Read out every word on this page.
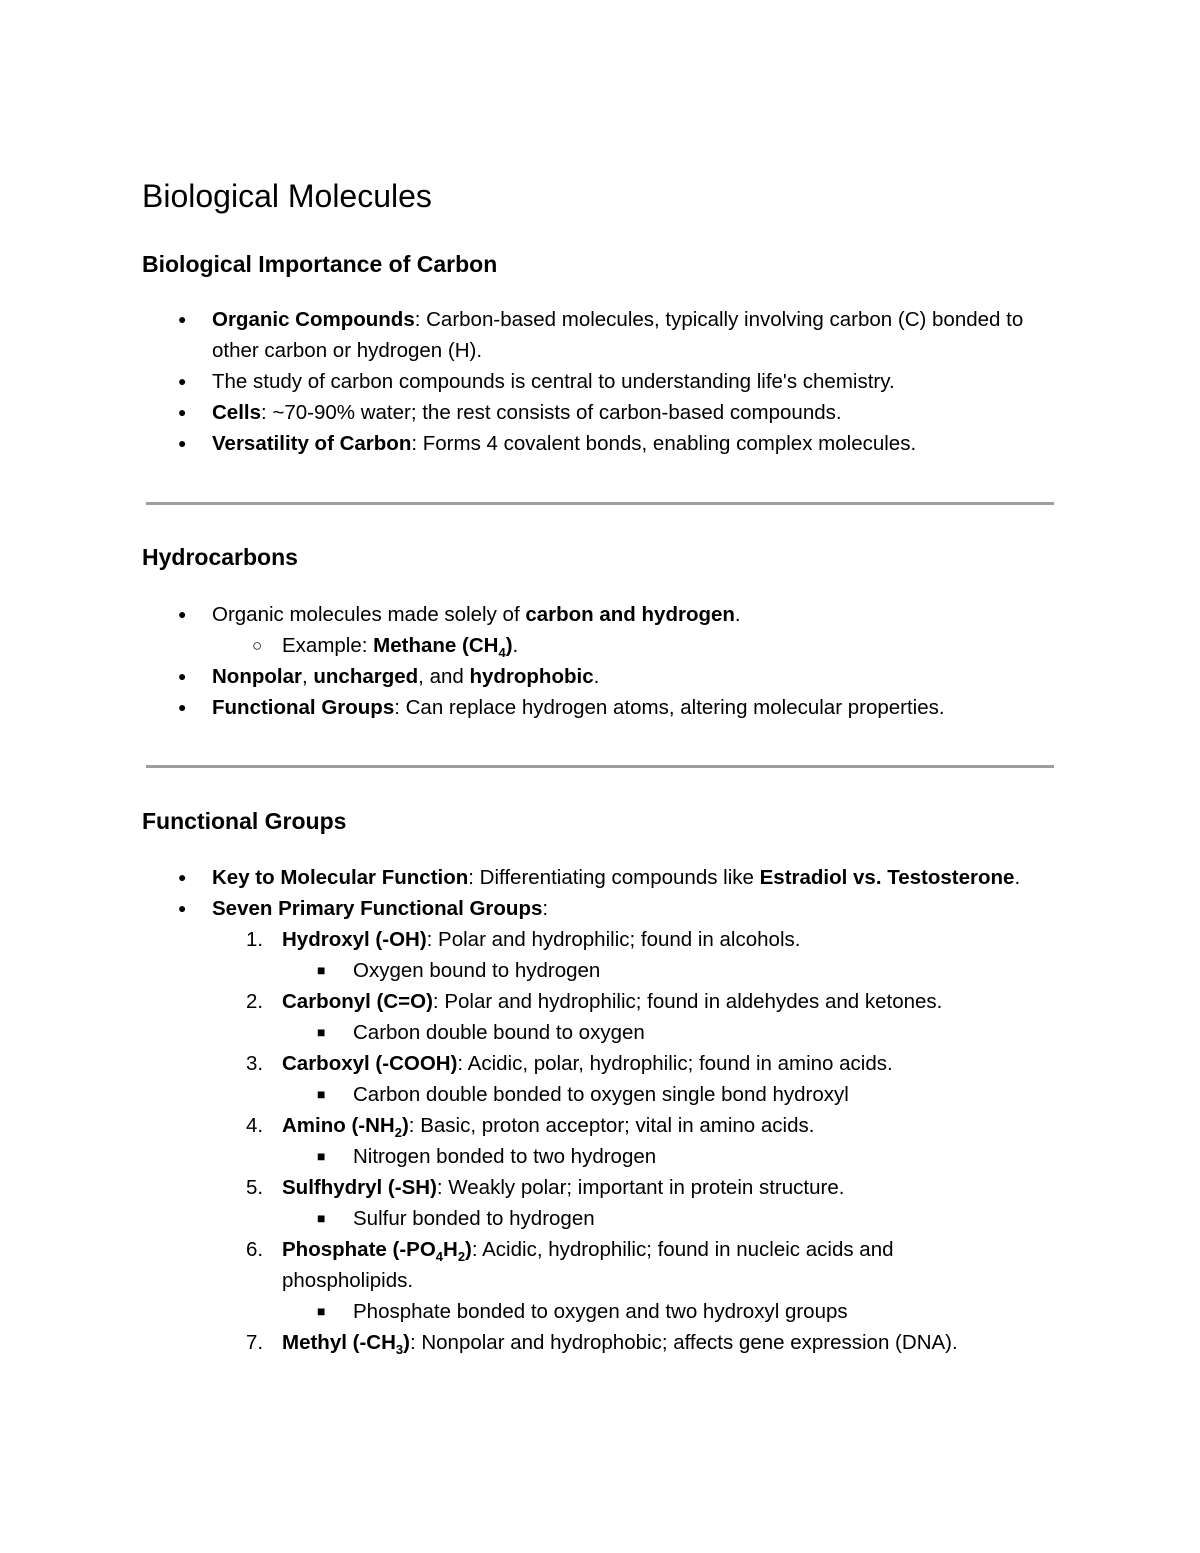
Biological Molecules
Biological Importance of Carbon
● Organic Compounds: Carbon-based molecules, typically involving carbon (C) bonded to other carbon or hydrogen (H).
● The study of carbon compounds is central to understanding life's chemistry.
● Cells: ~70-90% water; the rest consists of carbon-based compounds.
● Versatility of Carbon: Forms 4 covalent bonds, enabling complex molecules.
Hydrocarbons
● Organic molecules made solely of carbon and hydrogen.
○ Example: Methane $(CH_4)$.
● Nonpolar, uncharged, and hydrophobic.
● Functional Groups: Can replace hydrogen atoms, altering molecular properties.
Functional Groups
● Key to Molecular Function: Differentiating compounds like Estradiol vs. Testosterone.
● Seven Primary Functional Groups:
1. Hydroxyl (-OH): Polar and hydrophilic; found in alcohols.
■ Oxygen bound to hydrogen
2. Carbonyl (C=O): Polar and hydrophilic; found in aldehydes and ketones.
■ Carbon double bound to oxygen
3. Carboxyl (-COOH): Acidic, polar, hydrophilic; found in amino acids.
■ Carbon double bonded to oxygen single bond hydroxyl
4. Amino $(-NH_2)$: Basic, proton acceptor; vital in amino acids.
■ Nitrogen bonded to two hydrogen
5. Sulfhydryl (-SH): Weakly polar; important in protein structure.
■ Sulfur bonded to hydrogen
6. Phosphate $(-PO_4H_2)$: Acidic, hydrophilic; found in nucleic acids and phospholipids.
■ Phosphate bonded to oxygen and two hydroxyl groups
7. Methyl $(-CH_3)$: Nonpolar and hydrophobic; affects gene expression (DNA).
